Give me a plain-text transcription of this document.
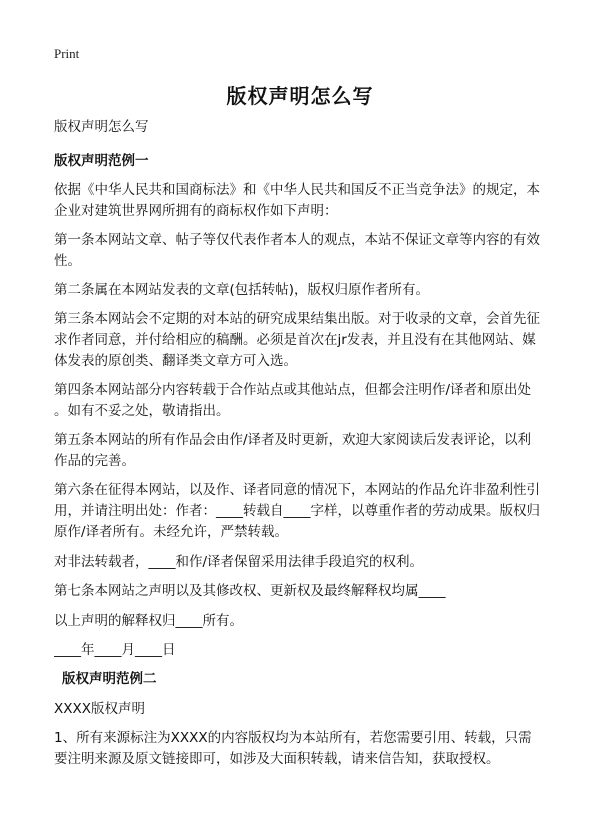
Print
版权声明怎么写
版权声明怎么写
版权声明范例一
依据《中华人民共和国商标法》和《中华人民共和国反不正当竞争法》的规定，本
企业对建筑世界网所拥有的商标权作如下声明：
第一条本网站文章、帖子等仅代表作者本人的观点，本站不保证文章等内容的有效
性。
第二条属在本网站发表的文章(包括转帖)，版权归原作者所有。
第三条本网站会不定期的对本站的研究成果结集出版。对于收录的文章，会首先征
求作者同意，并付给相应的稿酬。必须是首次在jr发表，并且没有在其他网站、媒
体发表的原创类、翻译类文章方可入选。
第四条本网站部分内容转载于合作站点或其他站点，但都会注明作/译者和原出处
。如有不妥之处，敬请指出。
第五条本网站的所有作品会由作/译者及时更新，欢迎大家阅读后发表评论，以利
作品的完善。
第六条在征得本网站，以及作、译者同意的情况下，本网站的作品允许非盈利性引
用，并请注明出处：作者：____转载自____字样，以尊重作者的劳动成果。版权归
原作/译者所有。未经允许，严禁转载。
对非法转载者，____和作/译者保留采用法律手段追究的权利。
第七条本网站之声明以及其修改权、更新权及最终解释权均属____
以上声明的解释权归____所有。
____年____月____日
版权声明范例二
XXXX版权声明
1、所有来源标注为XXXX的内容版权均为本站所有，若您需要引用、转载，只需
要注明来源及原文链接即可，如涉及大面积转载，请来信告知，获取授权。
